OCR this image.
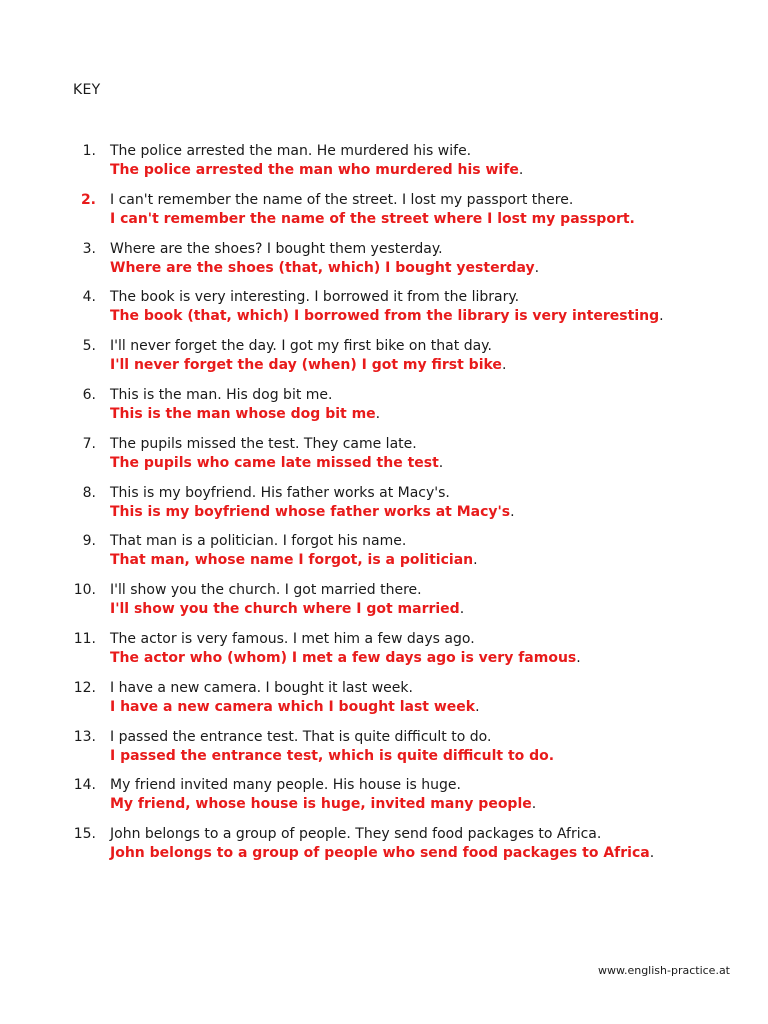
KEY
1. The police arrested the man. He murdered his wife.
The police arrested the man who murdered his wife.
2. I can't remember the name of the street. I lost my passport there.
I can't remember the name of the street where I lost my passport.
3. Where are the shoes? I bought them yesterday.
Where are the shoes (that, which) I bought yesterday.
4. The book is very interesting. I borrowed it from the library.
The book (that, which) I borrowed from the library is very interesting.
5. I'll never forget the day. I got my first bike on that day.
I'll never forget the day (when) I got my first bike.
6. This is the man. His dog bit me.
This is the man whose dog bit me.
7. The pupils missed the test. They came late.
The pupils who came late missed the test.
8. This is my boyfriend. His father works at Macy's.
This is my boyfriend whose father works at Macy's.
9. That man is a politician. I forgot his name.
That man, whose name I forgot, is a politician.
10. I'll show you the church. I got married there.
I'll show you the church where I got married.
11. The actor is very famous. I met him a few days ago.
The actor who (whom) I met a few days ago is very famous.
12. I have a new camera. I bought it last week.
I have a new camera which I bought last week.
13. I passed the entrance test. That is quite difficult to do.
I passed the entrance test, which is quite difficult to do.
14. My friend invited many people. His house is huge.
My friend, whose house is huge, invited many people.
15. John belongs to a group of people. They send food packages to Africa.
John belongs to a group of people who send food packages to Africa.
www.english-practice.at
